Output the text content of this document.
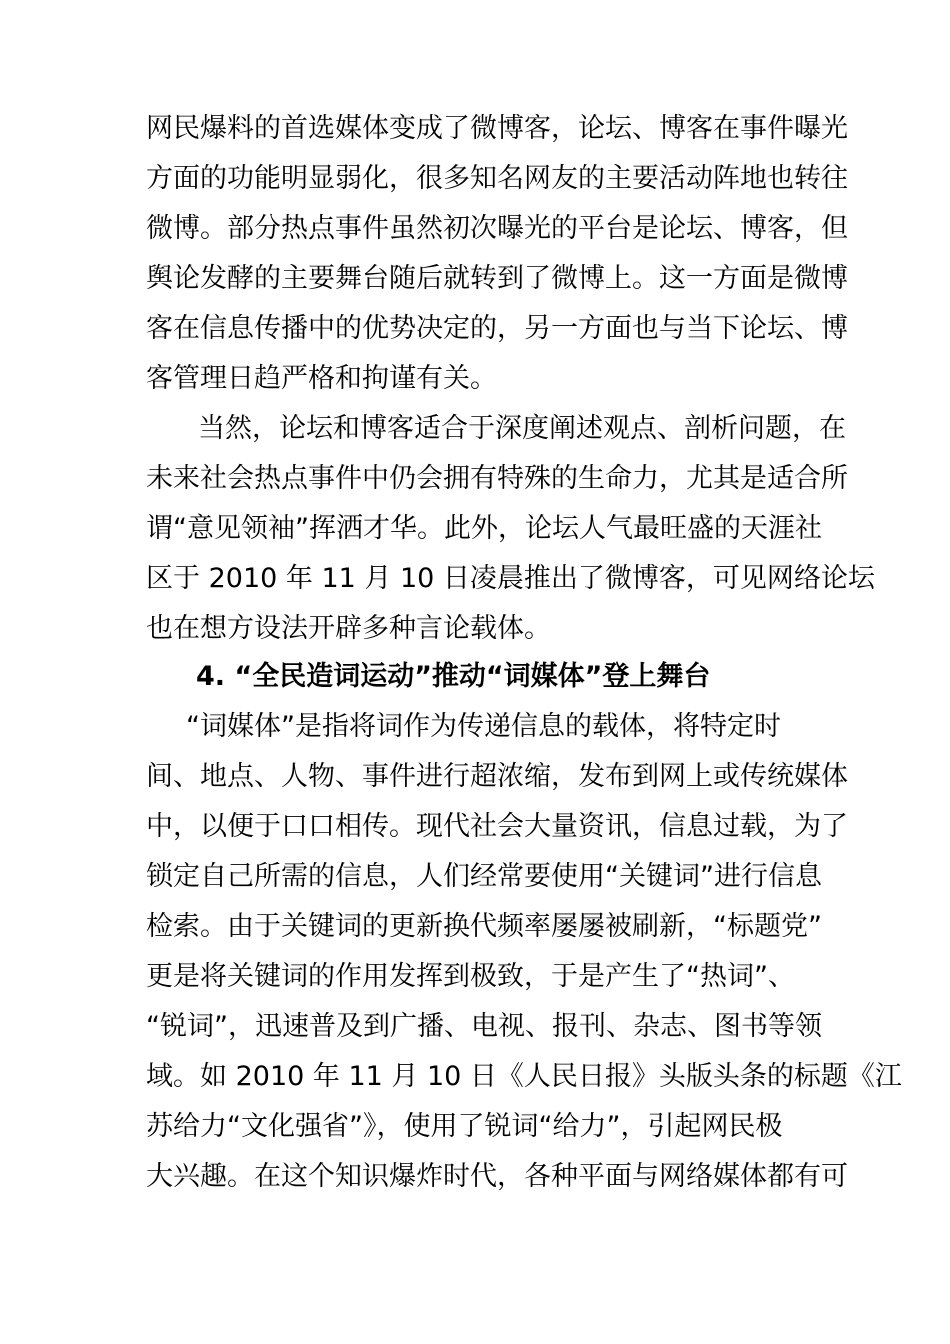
网民爆料的首选媒体变成了微博客，论坛、博客在事件曝光
方面的功能明显弱化，很多知名网友的主要活动阵地也转往
微博。部分热点事件虽然初次曝光的平台是论坛、博客，但
舆论发酵的主要舞台随后就转到了微博上。这一方面是微博
客在信息传播中的优势决定的，另一方面也与当下论坛、博
客管理日趋严格和拘谨有关。
当然，论坛和博客适合于深度阐述观点、剖析问题，在
未来社会热点事件中仍会拥有特殊的生命力，尤其是适合所
谓“意见领袖”挥洒才华。此外，论坛人气最旺盛的天涯社
区于 2010 年 11 月 10 日凌晨推出了微博客，可见网络论坛
也在想方设法开辟多种言论载体。
4. “全民造词运动”推动“词媒体”登上舞台
“词媒体”是指将词作为传递信息的载体，将特定时
间、地点、人物、事件进行超浓缩，发布到网上或传统媒体
中，以便于口口相传。现代社会大量资讯，信息过载，为了
锁定自己所需的信息，人们经常要使用“关键词”进行信息
检索。由于关键词的更新换代频率屡屡被刷新，“标题党”
更是将关键词的作用发挥到极致，于是产生了“热词”、
“锐词”，迅速普及到广播、电视、报刊、杂志、图书等领
域。如 2010 年 11 月 10 日《人民日报》头版头条的标题《江
苏给力“文化强省”》，使用了锐词“给力”，引起网民极
大兴趣。在这个知识爆炸时代，各种平面与网络媒体都有可
